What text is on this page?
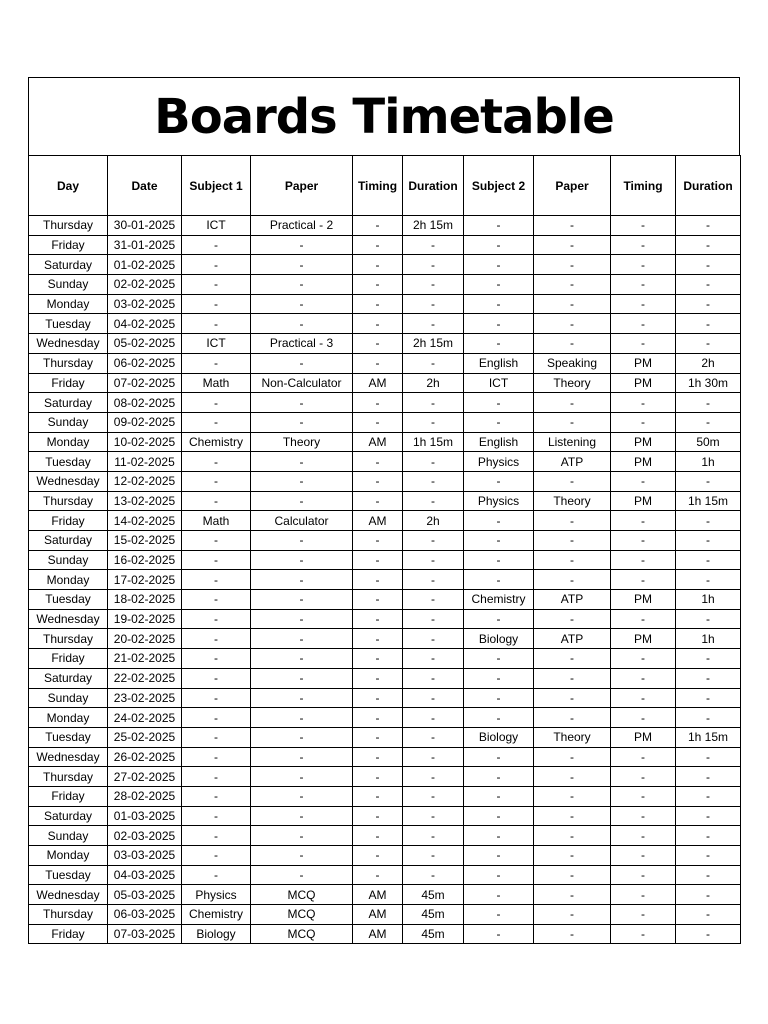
Boards Timetable
Day	Date	Subject 1	Paper	Timing	Duration	Subject 2	Paper	Timing	Duration
Thursday	30-01-2025	ICT	Practical - 2	-	2h 15m	-	-	-	-
Friday	31-01-2025	-	-	-	-	-	-	-	-
Saturday	01-02-2025	-	-	-	-	-	-	-	-
Sunday	02-02-2025	-	-	-	-	-	-	-	-
Monday	03-02-2025	-	-	-	-	-	-	-	-
Tuesday	04-02-2025	-	-	-	-	-	-	-	-
Wednesday	05-02-2025	ICT	Practical - 3	-	2h 15m	-	-	-	-
Thursday	06-02-2025	-	-	-	-	English	Speaking	PM	2h
Friday	07-02-2025	Math	Non-Calculator	AM	2h	ICT	Theory	PM	1h 30m
Saturday	08-02-2025	-	-	-	-	-	-	-	-
Sunday	09-02-2025	-	-	-	-	-	-	-	-
Monday	10-02-2025	Chemistry	Theory	AM	1h 15m	English	Listening	PM	50m
Tuesday	11-02-2025	-	-	-	-	Physics	ATP	PM	1h
Wednesday	12-02-2025	-	-	-	-	-	-	-	-
Thursday	13-02-2025	-	-	-	-	Physics	Theory	PM	1h 15m
Friday	14-02-2025	Math	Calculator	AM	2h	-	-	-	-
Saturday	15-02-2025	-	-	-	-	-	-	-	-
Sunday	16-02-2025	-	-	-	-	-	-	-	-
Monday	17-02-2025	-	-	-	-	-	-	-	-
Tuesday	18-02-2025	-	-	-	-	Chemistry	ATP	PM	1h
Wednesday	19-02-2025	-	-	-	-	-	-	-	-
Thursday	20-02-2025	-	-	-	-	Biology	ATP	PM	1h
Friday	21-02-2025	-	-	-	-	-	-	-	-
Saturday	22-02-2025	-	-	-	-	-	-	-	-
Sunday	23-02-2025	-	-	-	-	-	-	-	-
Monday	24-02-2025	-	-	-	-	-	-	-	-
Tuesday	25-02-2025	-	-	-	-	Biology	Theory	PM	1h 15m
Wednesday	26-02-2025	-	-	-	-	-	-	-	-
Thursday	27-02-2025	-	-	-	-	-	-	-	-
Friday	28-02-2025	-	-	-	-	-	-	-	-
Saturday	01-03-2025	-	-	-	-	-	-	-	-
Sunday	02-03-2025	-	-	-	-	-	-	-	-
Monday	03-03-2025	-	-	-	-	-	-	-	-
Tuesday	04-03-2025	-	-	-	-	-	-	-	-
Wednesday	05-03-2025	Physics	MCQ	AM	45m	-	-	-	-
Thursday	06-03-2025	Chemistry	MCQ	AM	45m	-	-	-	-
Friday	07-03-2025	Biology	MCQ	AM	45m	-	-	-	-
